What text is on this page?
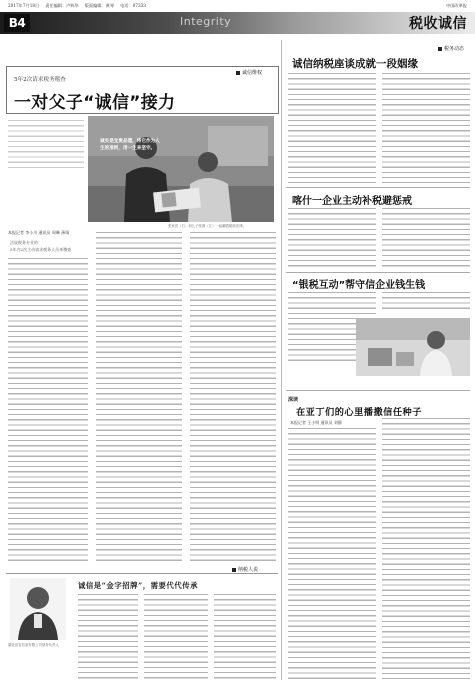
2017年7月18日 责任编辑：卢辉华 版面编辑：黄琴 电话：07333	中国改革报
B4	Integrity	税收诚信
诚信维权
5年2次请求税务稽查
一对父子“诚信”接力
诚实是宝贵品德，将它作为人生的准则，用一生来坚守。
张家亮（右）和儿子张源（左）一起翻看税收法律。
本报记者 李小川 通讯员 周琳 薄靖
法说税务专业的：
5年内2次主动请求税务人员来稽查
纳税人说
湖北省宜昌某有限公司财务负责人
诚信是“金字招牌”，需要代代传承
税务动态
诚信纳税座谈成就一段姻缘
喀什一企业主动补税避惩戒
“银税互动”帮守信企业钱生钱
深读
在亚丁们的心里播撒信任种子
本报记者 王小明 通讯员 刘静
